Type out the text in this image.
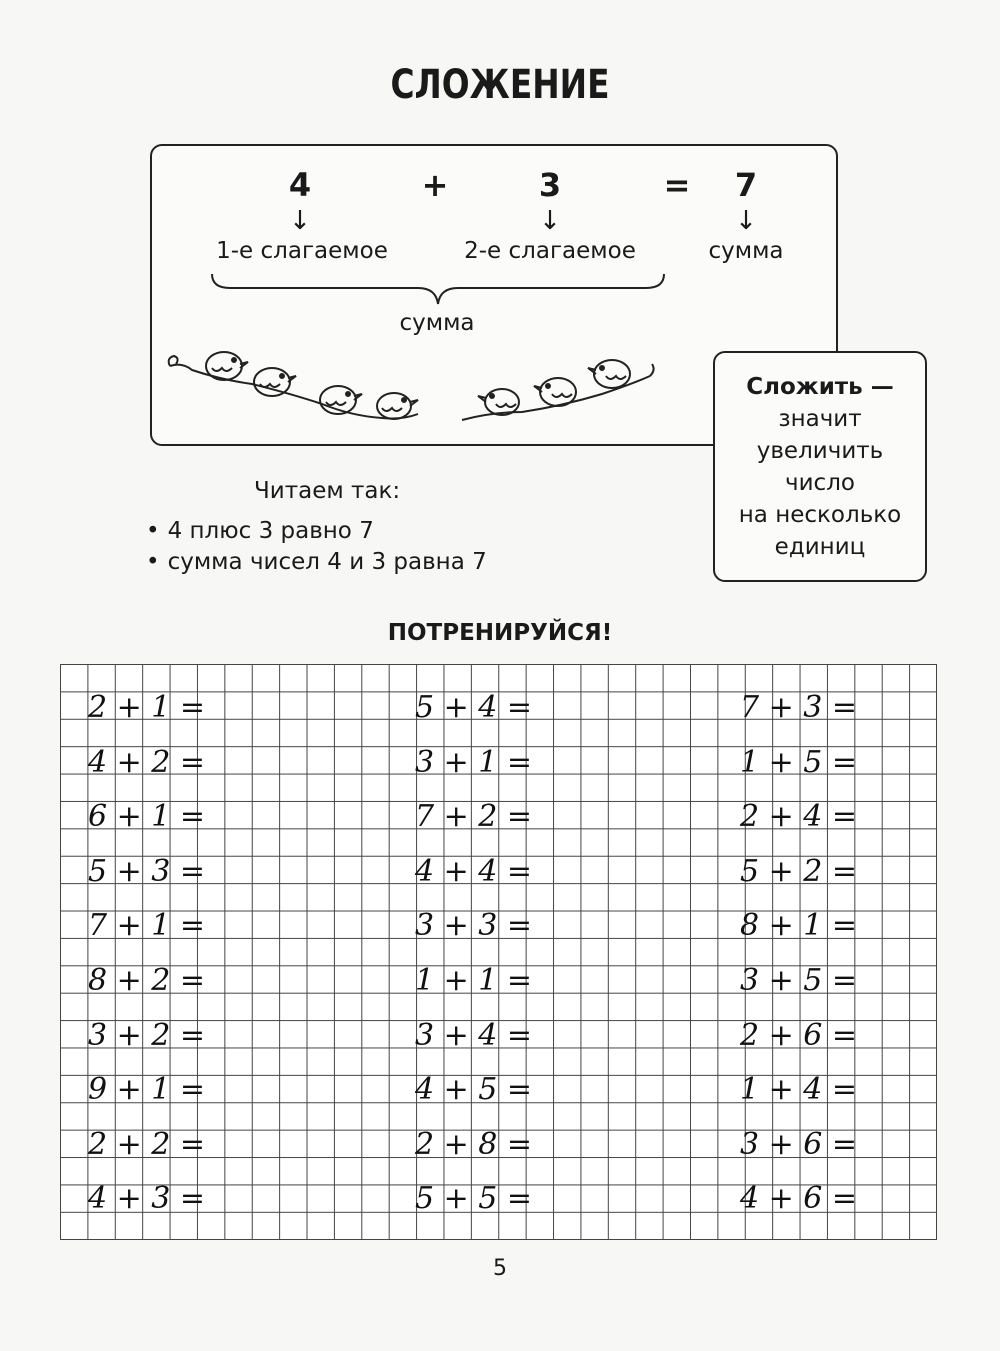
СЛОЖЕНИЕ
4	+	3	=	7
↓	↓	↓
1-е слагаемое	2-е слагаемое	сумма
сумма
Сложить —
значит
увеличить
число
на несколько
единиц
Читаем так:
• 4 плюс 3 равно 7
• сумма чисел 4 и 3 равна 7
ПОТРЕНИРУЙСЯ!
2 + 1 =
4 + 2 =
6 + 1 =
5 + 3 =
7 + 1 =
8 + 2 =
3 + 2 =
9 + 1 =
2 + 2 =
4 + 3 =
5 + 4 =
3 + 1 =
7 + 2 =
4 + 4 =
3 + 3 =
1 + 1 =
3 + 4 =
4 + 5 =
2 + 8 =
5 + 5 =
7 + 3 =
1 + 5 =
2 + 4 =
5 + 2 =
8 + 1 =
3 + 5 =
2 + 6 =
1 + 4 =
3 + 6 =
4 + 6 =
5
